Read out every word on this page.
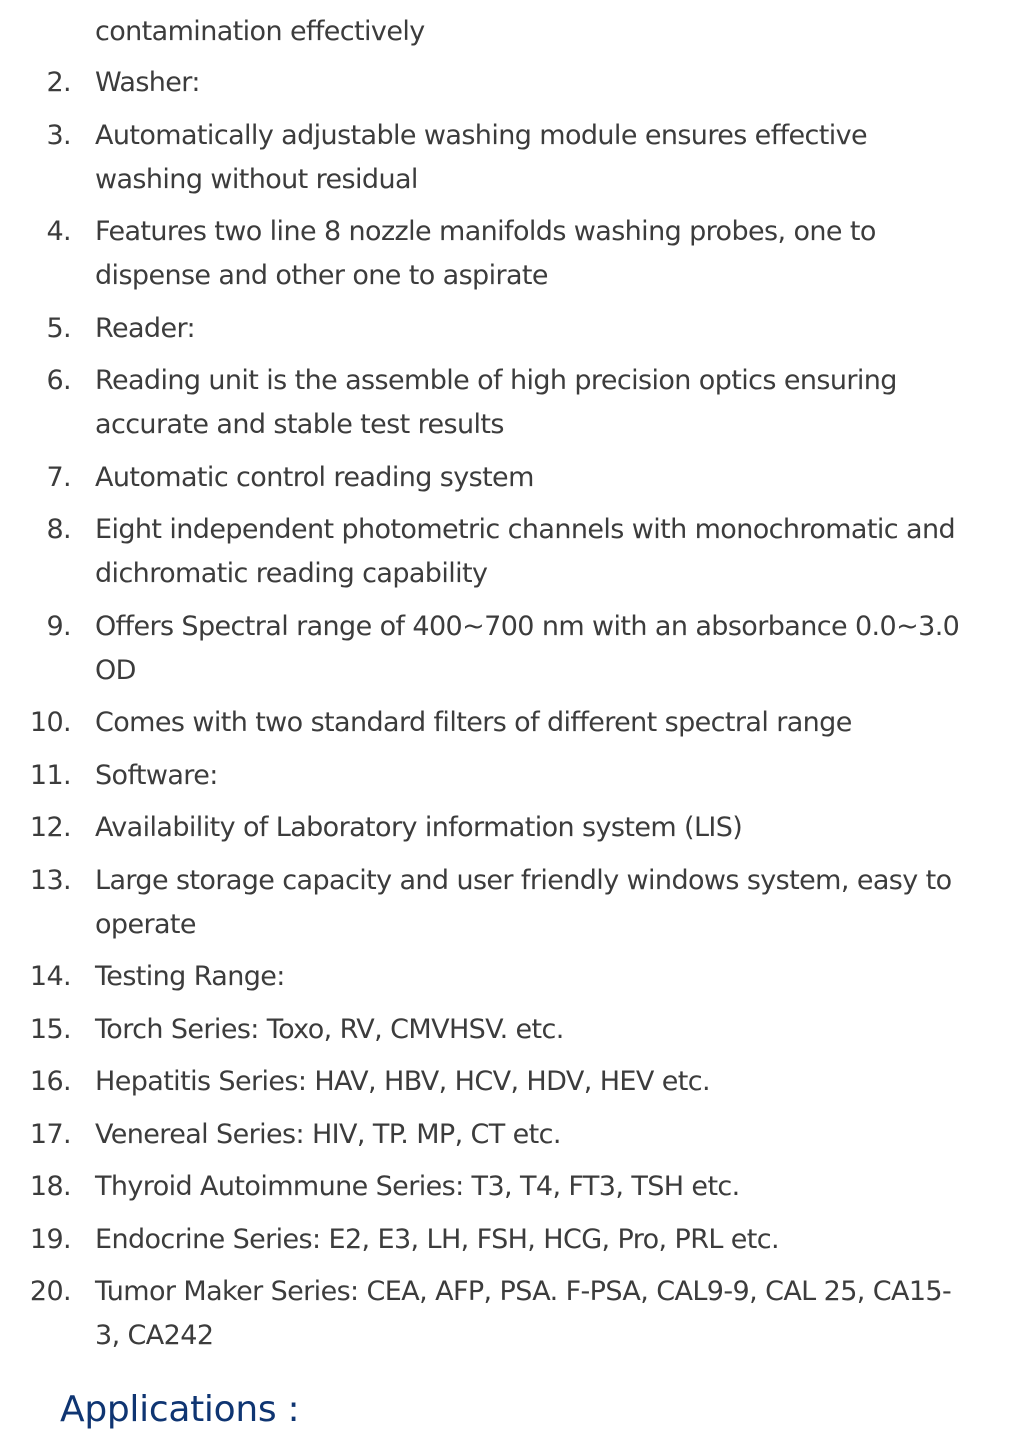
contamination effectively
2. Washer:
3. Automatically adjustable washing module ensures effective washing without residual
4. Features two line 8 nozzle manifolds washing probes, one to dispense and other one to aspirate
5. Reader:
6. Reading unit is the assemble of high precision optics ensuring accurate and stable test results
7. Automatic control reading system
8. Eight independent photometric channels with monochromatic and dichromatic reading capability
9. Offers Spectral range of 400~700 nm with an absorbance 0.0~3.0 OD
10. Comes with two standard filters of different spectral range
11. Software:
12. Availability of Laboratory information system (LIS)
13. Large storage capacity and user friendly windows system, easy to operate
14. Testing Range:
15. Torch Series: Toxo, RV, CMVHSV. etc.
16. Hepatitis Series: HAV, HBV, HCV, HDV, HEV etc.
17. Venereal Series: HIV, TP. MP, CT etc.
18. Thyroid Autoimmune Series: T3, T4, FT3, TSH etc.
19. Endocrine Series: E2, E3, LH, FSH, HCG, Pro, PRL etc.
20. Tumor Maker Series: CEA, AFP, PSA. F-PSA, CAL9-9, CAL 25, CA15-3, CA242
Applications :
